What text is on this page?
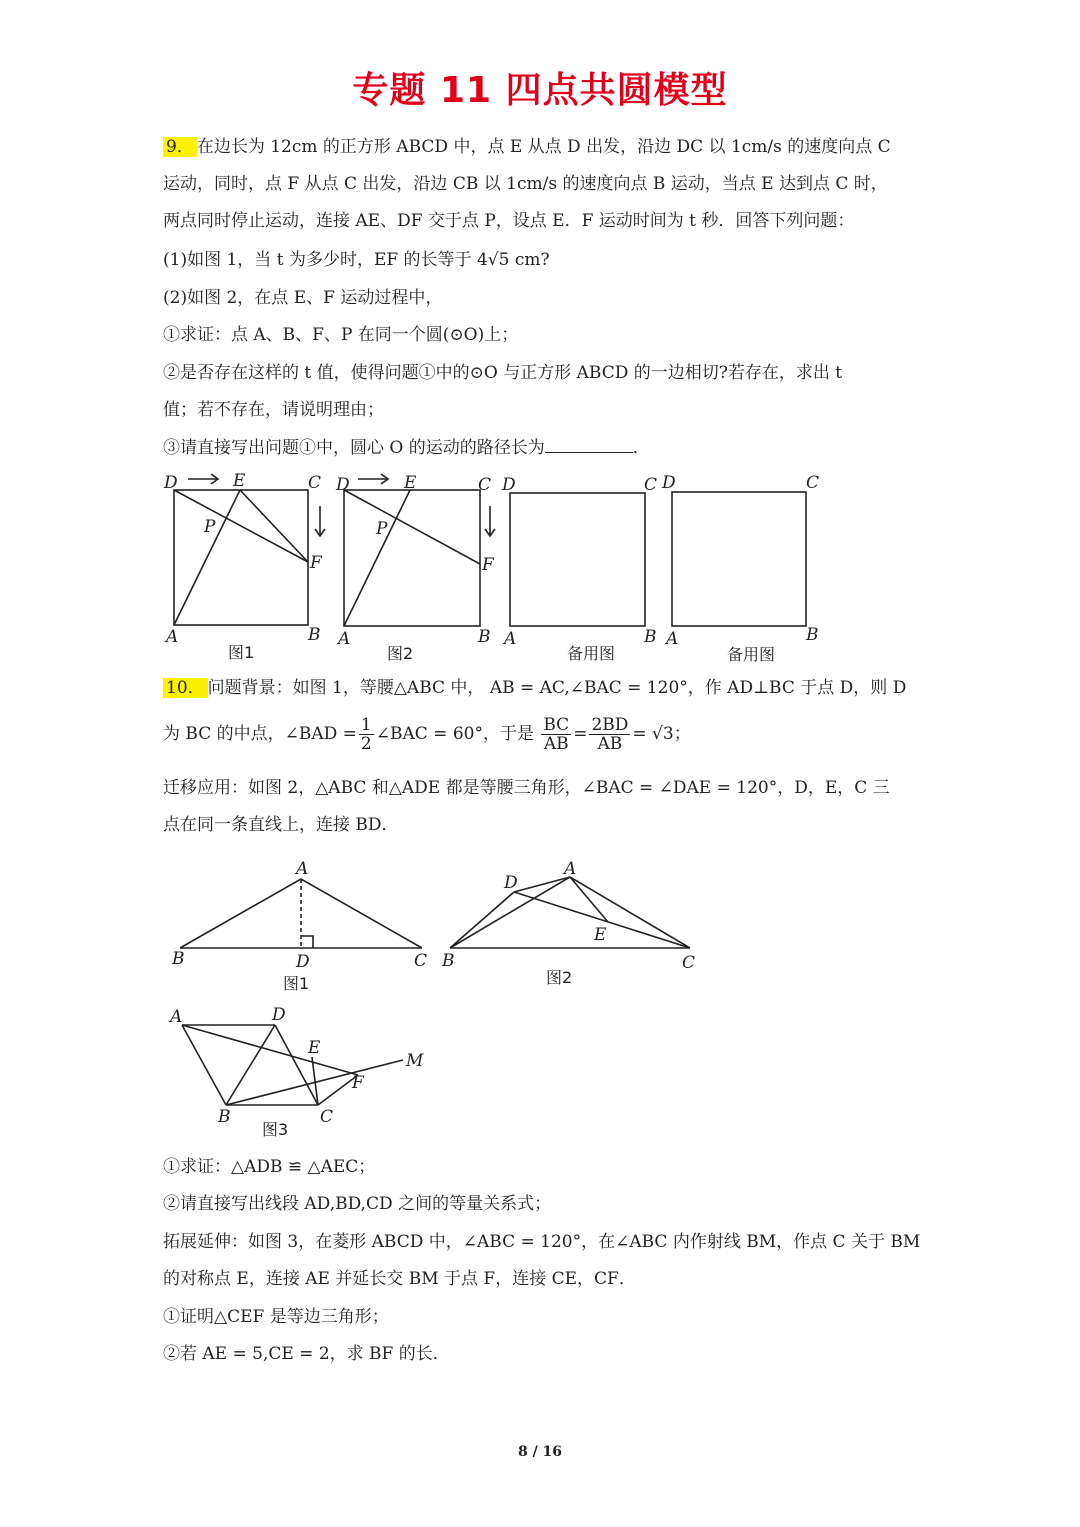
专题 11 四点共圆模型
9． 在边长为 12cm 的正方形 ABCD 中，点 E 从点 D 出发，沿边 DC 以 1cm/s 的速度向点 C
运动，同时，点 F 从点 C 出发，沿边 CB 以 1cm/s 的速度向点 B 运动，当点 E 达到点 C 时，
两点同时停止运动，连接 AE、DF 交于点 P，设点 E．F 运动时间为 t 秒．回答下列问题：
(1)如图 1，当 t 为多少时，EF 的长等于 4√5 cm?
(2)如图 2，在点 E、F 运动过程中，
①求证：点 A、B、F、P 在同一个圆(⊙O)上；
②是否存在这样的 t 值，使得问题①中的⊙O 与正方形 ABCD 的一边相切?若存在，求出 t
值；若不存在，请说明理由；
③请直接写出问题①中，圆心 O 的运动的路径长为	．
D	E	C
P
F
A	B
D	E	C
P
F
A	B
D	C
A	B
D	C
A	B
图1	图2	备用图	备用图
10． 问题背景：如图 1，等腰△ABC 中， AB = AC,∠BAC = 120°，作 AD⊥BC 于点 D，则 D
为 BC 的中点，∠BAD = $\frac{1}{2}$ ∠BAC = 60°，于是 $\frac{BC}{AB} = \frac{2BD}{AB} = √3$；
迁移应用：如图 2，△ABC 和△ADE 都是等腰三角形，∠BAC = ∠DAE = 120°，D，E，C 三
点在同一条直线上，连接 BD．
A
B	D	C
D
A
E
B	C
图1	图2
A	D
E
M
F
B	C
图3
①求证：△ADB ≌ △AEC；
②请直接写出线段 AD,BD,CD 之间的等量关系式；
拓展延伸：如图 3，在菱形 ABCD 中，∠ABC = 120°，在∠ABC 内作射线 BM，作点 C 关于 BM
的对称点 E，连接 AE 并延长交 BM 于点 F，连接 CE，CF．
①证明△CEF 是等边三角形；
②若 AE = 5,CE = 2，求 BF 的长．
8 / 16
